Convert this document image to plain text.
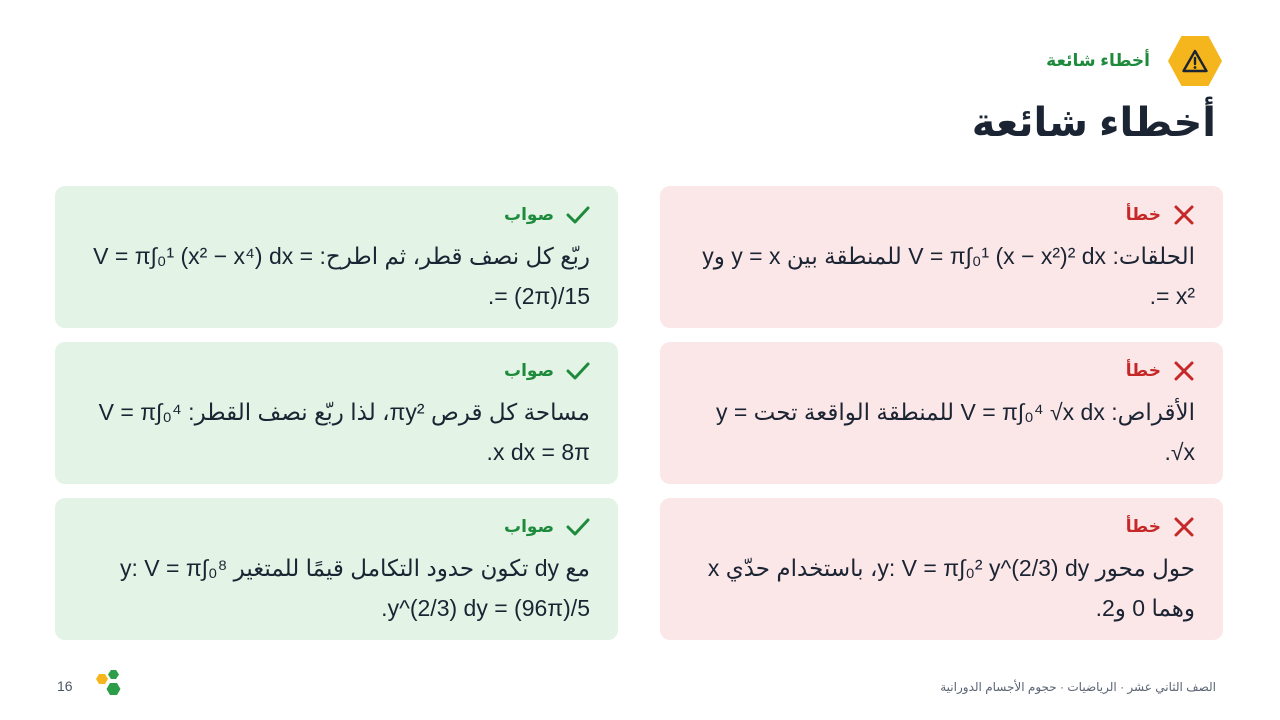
أخطاء شائعة
أخطاء شائعة
صواب
ربّع كل نصف قطر، ثم اطرح: V = π∫₀¹ (x² − x⁴) dx = (2π)/15 =.
خطأ
الحلقات: V = π∫₀¹ (x − x²)² dx للمنطقة بين y = x وy = x².
صواب
مساحة كل قرص πy²، لذا ربّع نصف القطر: V = π∫₀⁴ x dx = 8π.
خطأ
الأقراص: V = π∫₀⁴ √x dx للمنطقة الواقعة تحت y = √x.
صواب
مع dy تكون حدود التكامل قيمًا للمتغير y: V = π∫₀⁸ y^(2/3) dy = (96π)/5.
خطأ
حول محور y: V = π∫₀² y^(2/3) dy، باستخدام حدّي x وهما 0 و2.
16	الصف الثاني عشر · الرياضيات · حجوم الأجسام الدورانية
